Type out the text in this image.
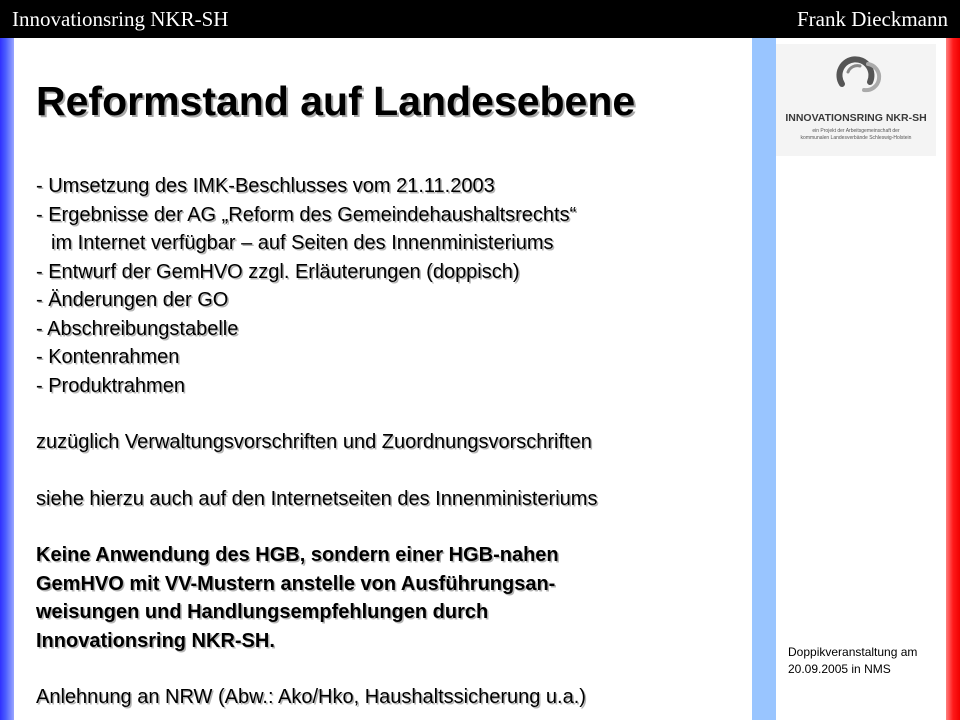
Innovationsring NKR-SH	Frank Dieckmann
INNOVATIONSRING NKR-SH
ein Projekt der Arbeitsgemeinschaft der
kommunalen Landesverbände Schleswig-Holstein
Reformstand auf Landesebene
- Umsetzung des IMK-Beschlusses vom 21.11.2003
- Ergebnisse der AG „Reform des Gemeindehaushaltsrechts“
im Internet verfügbar – auf Seiten des Innenministeriums
- Entwurf der GemHVO zzgl. Erläuterungen (doppisch)
- Änderungen der GO
- Abschreibungstabelle
- Kontenrahmen
- Produktrahmen
zuzüglich Verwaltungsvorschriften und Zuordnungsvorschriften
siehe hierzu auch auf den Internetseiten des Innenministeriums
Keine Anwendung des HGB, sondern einer HGB-nahen
GemHVO mit VV-Mustern anstelle von Ausführungsan-
weisungen und Handlungsempfehlungen durch
Innovationsring NKR-SH.
Anlehnung an NRW (Abw.: Ako/Hko, Haushaltssicherung u.a.)
Doppikveranstaltung am
20.09.2005 in NMS
